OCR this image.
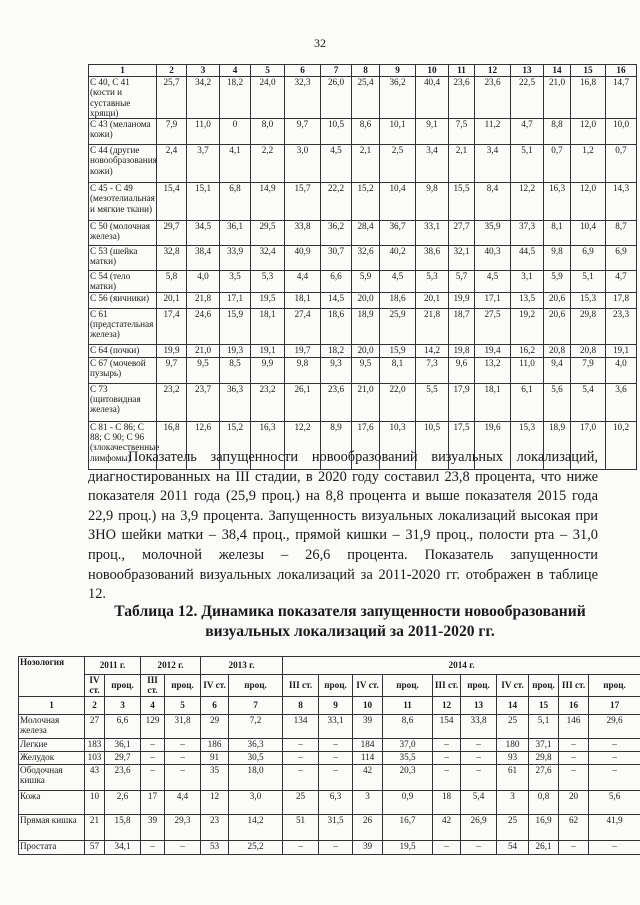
32
1	2	3	4	5	6	7	8	9	10	11	12	13	14	15	16
С 40, С 41 (кости и суставные хрящи)	25,7	34,2	18,2	24,0	32,3	26,0	25,4	36,2	40,4	23,6	23,6	22,5	21,0	16,8	14,7
С 43 (меланома кожи)	7,9	11,0	0	8,0	9,7	10,5	8,6	10,1	9,1	7,5	11,2	4,7	8,8	12,0	10,0
С 44 (другие новообразования кожи)	2,4	3,7	4,1	2,2	3,0	4,5	2,1	2,5	3,4	2,1	3,4	5,1	0,7	1,2	0,7
С 45 - С 49 (мезотелиальная и мягкие ткани)	15,4	15,1	6,8	14,9	15,7	22,2	15,2	10,4	9,8	15,5	8,4	12,2	16,3	12,0	14,3
С 50 (молочная железа)	29,7	34,5	36,1	29,5	33,8	36,2	28,4	36,7	33,1	27,7	35,9	37,3	8,1	10,4	8,7
С 53 (шейка матки)	32,8	38,4	33,9	32,4	40,9	30,7	32,6	40,2	38,6	32,1	40,3	44,5	9,8	6,9	6,9
С 54 (тело матки)	5,8	4,0	3,5	5,3	4,4	6,6	5,9	4,5	5,3	5,7	4,5	3,1	5,9	5,1	4,7
С 56 (яичники)	20,1	21,8	17,1	19,5	18,1	14,5	20,0	18,6	20,1	19,9	17,1	13,5	20,6	15,3	17,8
С 61 (предстательная железа)	17,4	24,6	15,9	18,1	27,4	18,6	18,9	25,9	21,8	18,7	27,5	19,2	20,6	29,8	23,3
С 64 (почки)	19,9	21,0	19,3	19,1	19,7	18,2	20,0	15,9	14,2	19,8	19,4	16,2	20,8	20,8	19,1
С 67 (мочевой пузырь)	9,7	9,5	8,5	9,9	9,8	9,3	9,5	8,1	7,3	9,6	13,2	11,0	9,4	7,9	4,0
С 73 (щитовидная железа)	23,2	23,7	36,3	23,2	26,1	23,6	21,0	22,0	5,5	17,9	18,1	6,1	5,6	5,4	3,6
С 81 - С 86; С 88; С 90; С 96 (злокачественные лимфомы)	16,8	12,6	15,2	16,3	12,2	8,9	17,6	10,3	10,5	17,5	19,6	15,3	18,9	17,0	10,2

Показатель запущенности новообразований визуальных локализаций, диагностированных на III стадии, в 2020 году составил 23,8 процента, что ниже показателя 2011 года (25,9 проц.) на 8,8 процента и выше показателя 2015 года 22,9 проц.) на 3,9 процента. Запущенность визуальных локализаций высокая при ЗНО шейки матки – 38,4 проц., прямой кишки – 31,9 проц., полости рта – 31,0 проц., молочной железы – 26,6 процента. Показатель запущенности новообразований визуальных локализаций за 2011-2020 гг. отображен в таблице 12.

Таблица 12. Динамика показателя запущенности новообразований
визуальных локализаций за 2011-2020 гг.

Нозология	2011 г.		2012 г.		2013 г.		2014 г.									
	IV ст.	проц.	III ст.	проц.	IV ст.	проц.	III ст.	проц.	IV ст.	проц.	III ст.	проц.	IV ст.	проц.	III ст.	проц.
1	2	3	4	5	6	7	8	9	10	11	12	13	14	15	16	17
Молочная железа	27	6,6	129	31,8	29	7,2	134	33,1	39	8,6	154	33,8	25	5,1	146	29,6
Легкие	183	36,1	–	–	186	36,3	–	–	184	37,0	–	–	180	37,1	–	–
Желудок	103	29,7	–	–	91	30,5	–	–	114	35,5	–	–	93	29,8	–	–
Ободочная кишка	43	23,6	–	–	35	18,0	–	–	42	20,3	–	–	61	27,6	–	–
Кожа	10	2,6	17	4,4	12	3,0	25	6,3	3	0,9	18	5,4	3	0,8	20	5,6
Прямая кишка	21	15,8	39	29,3	23	14,2	51	31,5	26	16,7	42	26,9	25	16,9	62	41,9
Простата	57	34,1	–	–	53	25,2	–	–	39	19,5	–	–	54	26,1	–	–
